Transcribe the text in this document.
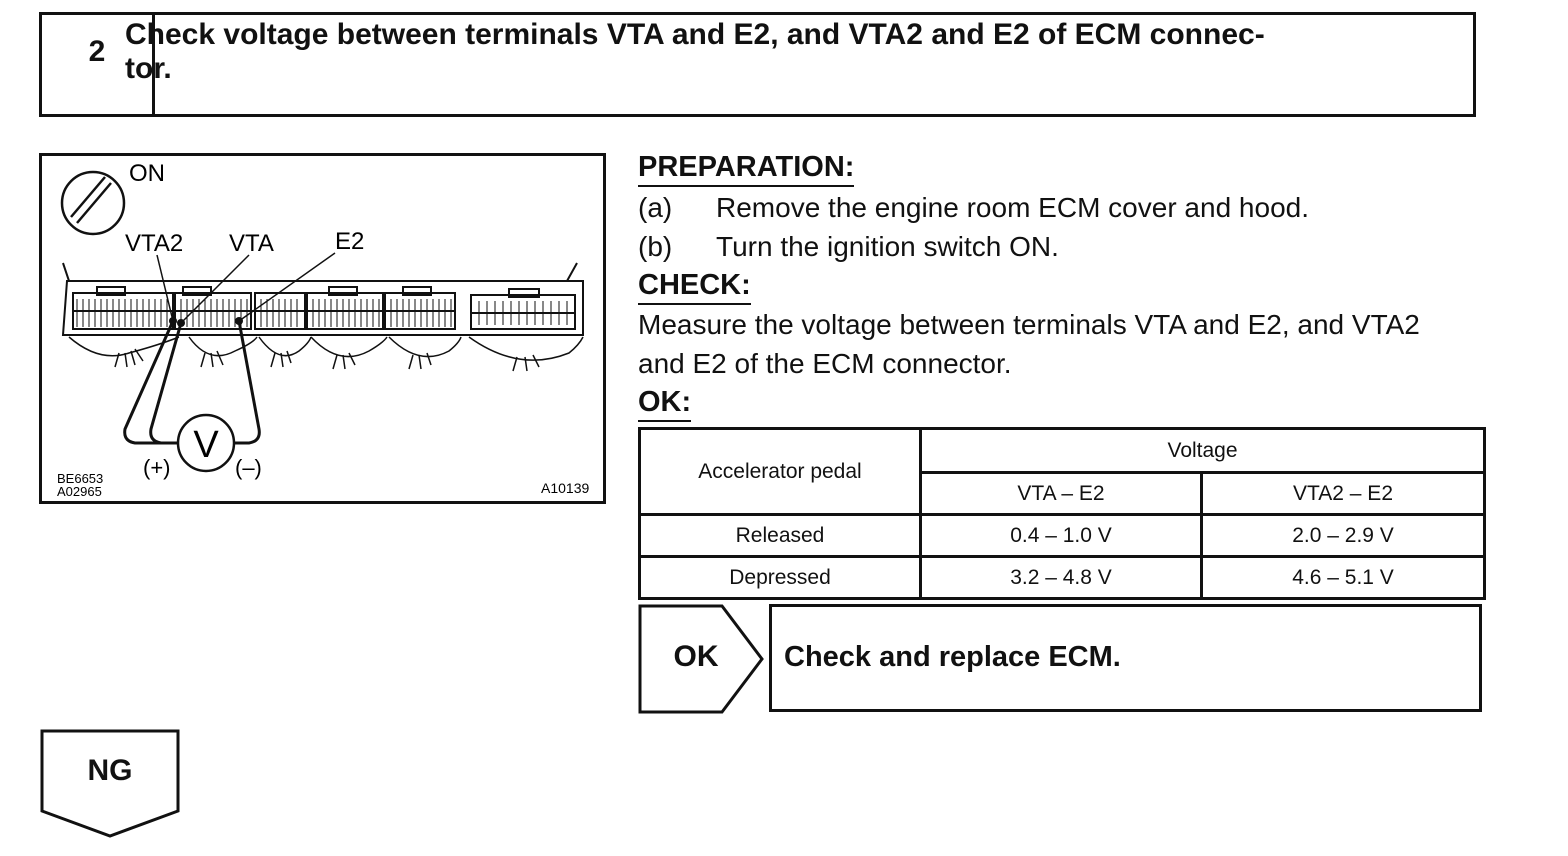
2
Check voltage between terminals VTA and E2, and VTA2 and E2 of ECM connec-
tor.
ON
VTA2 VTA	E2
V
(+)	(–)
BE6653
A02965	A10139
PREPARATION:
(a) Remove the engine room ECM cover and hood.
(b) Turn the ignition switch ON.
CHECK:
Measure the voltage between terminals VTA and E2, and VTA2
and E2 of the ECM connector.
OK:
Accelerator pedal	Voltage	
	VTA – E2	VTA2 – E2
Released	0.4 – 1.0 V	2.0 – 2.9 V
Depressed	3.2 – 4.8 V	4.6 – 5.1 V
OK	Check and replace ECM.
NG
